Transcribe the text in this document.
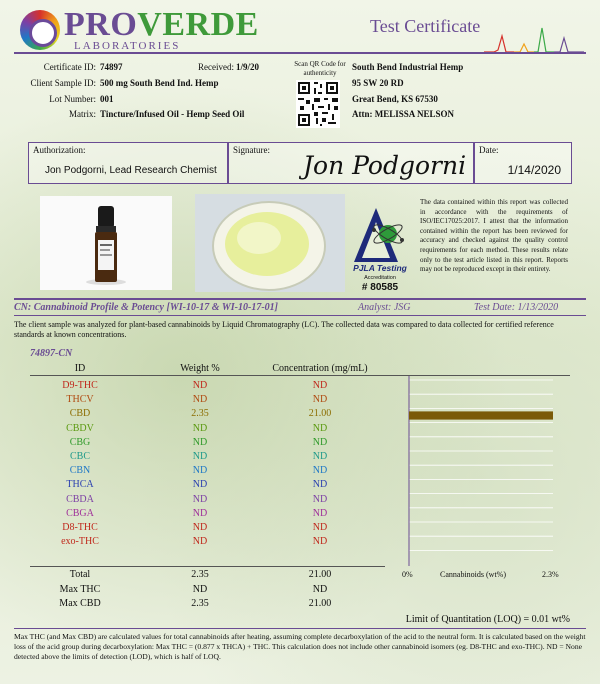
PROVERDE
LABORATORIES
Test Certificate
Certificate ID: 74897	Received: 1/9/20
Client Sample ID: 500 mg South Bend Ind. Hemp
Lot Number: 001
Matrix: Tincture/Infused Oil - Hemp Seed Oil
Scan QR Code for authenticity
South Bend Industrial Hemp
95 SW 20 RD
Great Bend, KS 67530
Attn: MELISSA NELSON
Authorization:
Jon Podgorni, Lead Research Chemist
Signature:
Jon Podgorni
Date:
1/14/2020
PJLA Testing
Accreditation
# 80585
The data contained within this report was collected in accordance with the requirements of ISO/IEC17025:2017. I attest that the information contained within the report has been reviewed for accuracy and checked against the quality control requirements for each method. These results relate only to the test article listed in this report. Reports may not be reproduced except in their entirety.
CN: Cannabinoid Profile & Potency [WI-10-17 & WI-10-17-01]	Analyst: JSG	Test Date: 1/13/2020
The client sample was analyzed for plant-based cannabinoids by Liquid Chromatography (LC). The collected data was compared to data collected for certified reference standards at known concentrations.
74897-CN
ID	Weight %	Concentration (mg/mL)
D9-THC	ND	ND
THCV	ND	ND
CBD	2.35	21.00
CBDV	ND	ND
CBG	ND	ND
CBC	ND	ND
CBN	ND	ND
THCA	ND	ND
CBDA	ND	ND
CBGA	ND	ND
D8-THC	ND	ND
exo-THC	ND	ND
Total	2.35	21.00
Max THC	ND	ND
Max CBD	2.35	21.00
0%	Cannabinoids (wt%)	2.3%
Limit of Quantitation (LOQ) = 0.01 wt%
Max THC (and Max CBD) are calculated values for total cannabinoids after heating, assuming complete decarboxylation of the acid to the neutral form. It is calculated based on the weight loss of the acid group during decarboxylation: Max THC = (0.877 x THCA) + THC. This calculation does not include other cannabinoid isomers (eg. D8-THC and exo-THC). ND = None detected above the limits of detection (LOD), which is half of LOQ.
